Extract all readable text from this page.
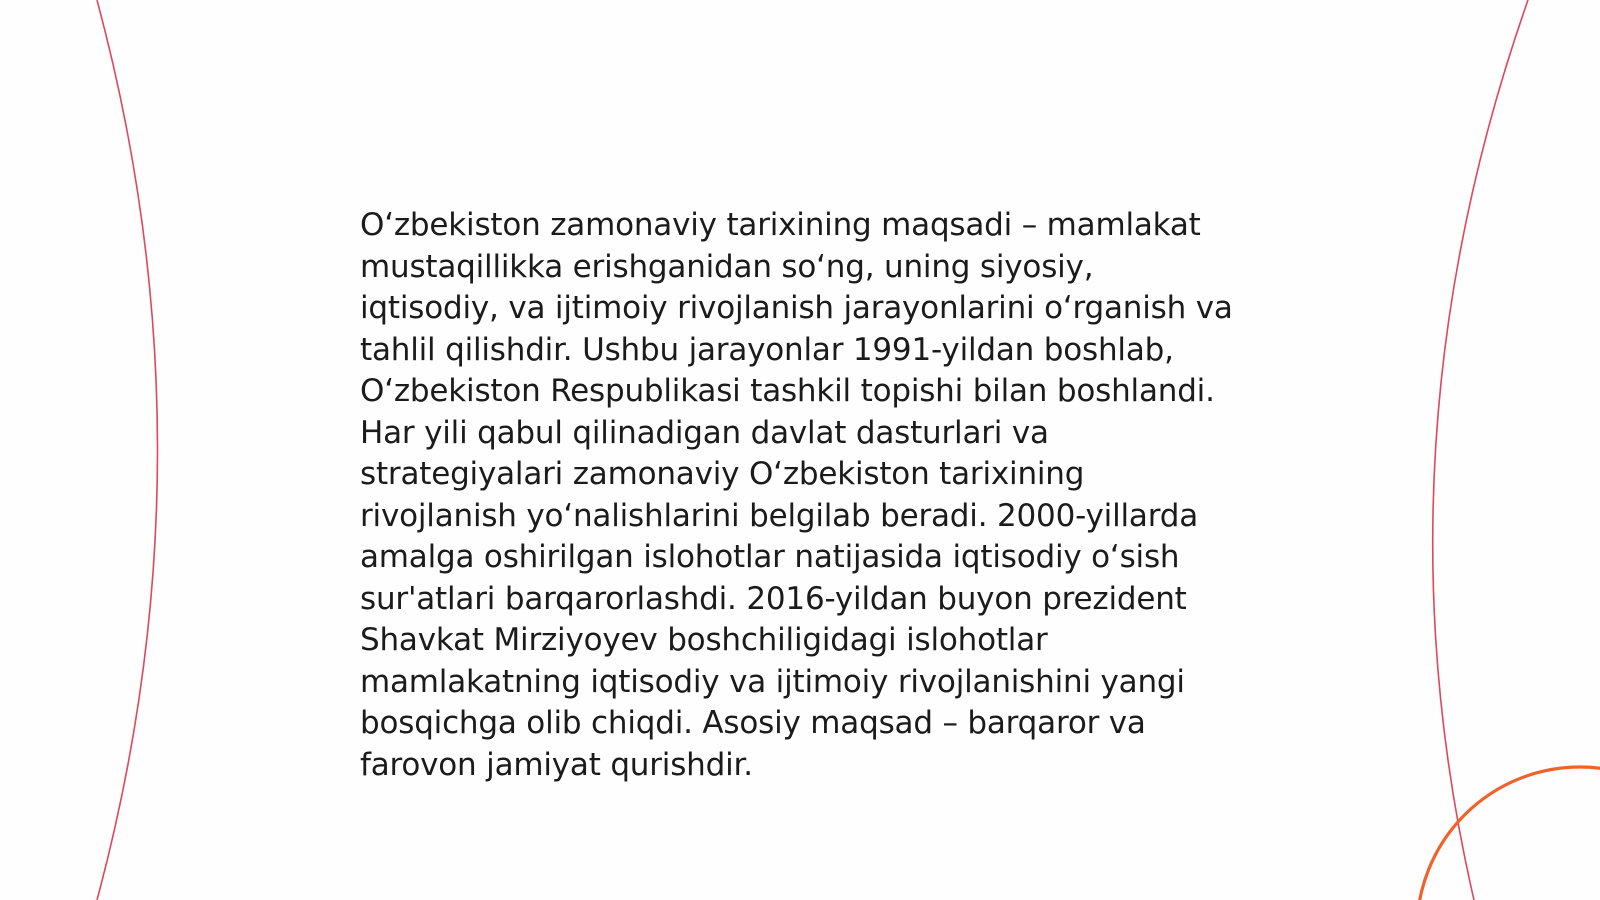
O‘zbekiston zamonaviy tarixining maqsadi – mamlakat mustaqillikka erishganidan so‘ng, uning siyosiy, iqtisodiy, va ijtimoiy rivojlanish jarayonlarini o‘rganish va tahlil qilishdir. Ushbu jarayonlar 1991-yildan boshlab, O‘zbekiston Respublikasi tashkil topishi bilan boshlandi. Har yili qabul qilinadigan davlat dasturlari va strategiyalari zamonaviy O‘zbekiston tarixining rivojlanish yo‘nalishlarini belgilab beradi. 2000-yillarda amalga oshirilgan islohotlar natijasida iqtisodiy o‘sish sur'atlari barqarorlashdi. 2016-yildan buyon prezident Shavkat Mirziyoyev boshchiligidagi islohotlar mamlakatning iqtisodiy va ijtimoiy rivojlanishini yangi bosqichga olib chiqdi. Asosiy maqsad – barqaror va farovon jamiyat qurishdir.
